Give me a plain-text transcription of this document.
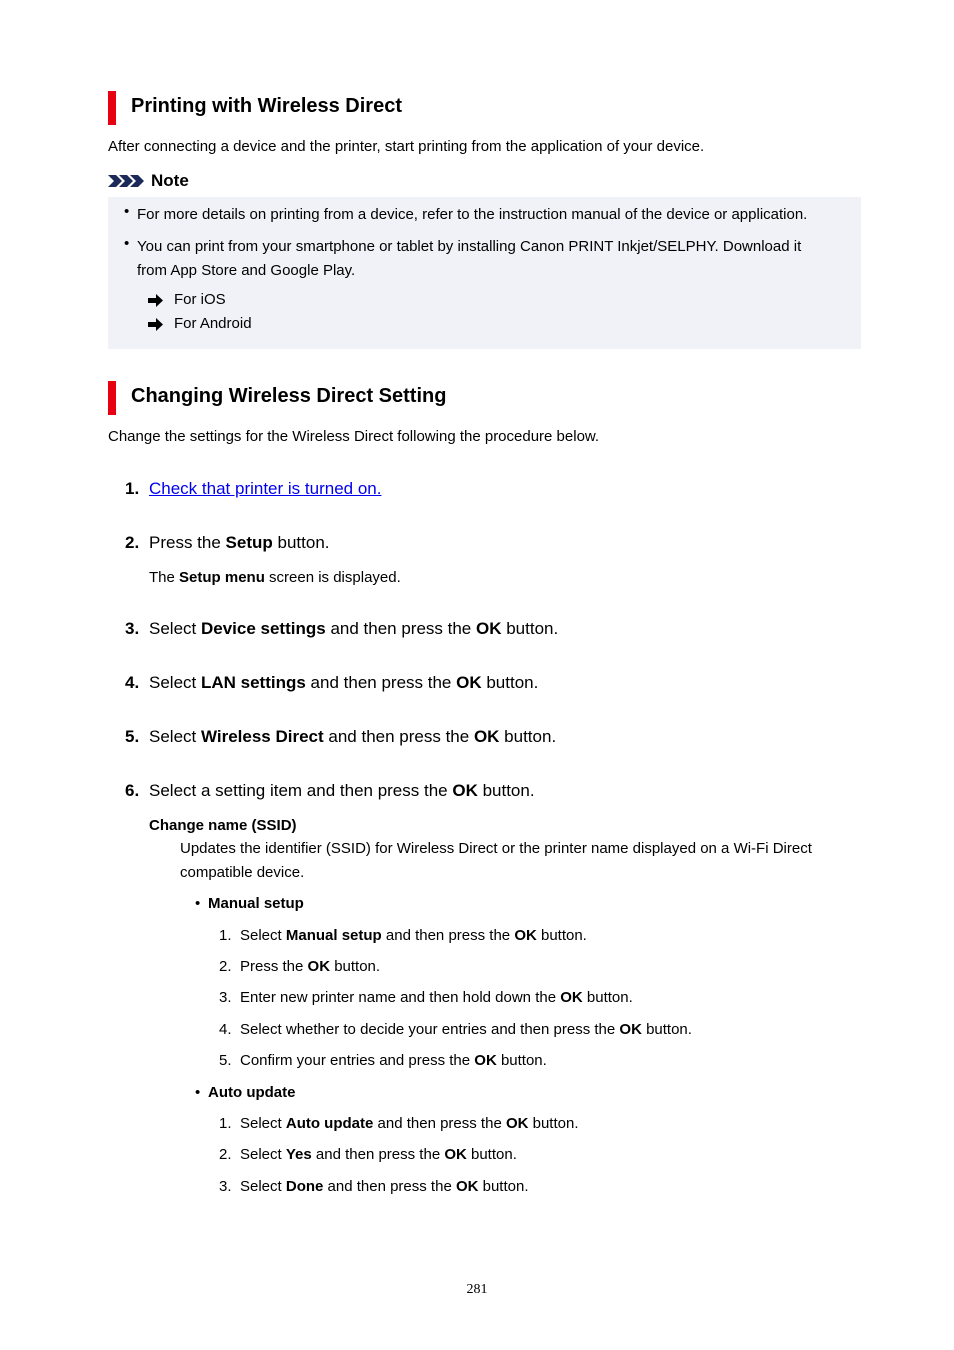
Printing with Wireless Direct
After connecting a device and the printer, start printing from the application of your device.
Note
• For more details on printing from a device, refer to the instruction manual of the device or application.
• You can print from your smartphone or tablet by installing Canon PRINT Inkjet/SELPHY. Download it
from App Store and Google Play.
For iOS
For Android
Changing Wireless Direct Setting
Change the settings for the Wireless Direct following the procedure below.
1. Check that printer is turned on.
2. Press the Setup button.
The Setup menu screen is displayed.
3. Select Device settings and then press the OK button.
4. Select LAN settings and then press the OK button.
5. Select Wireless Direct and then press the OK button.
6. Select a setting item and then press the OK button.
Change name (SSID)
Updates the identifier (SSID) for Wireless Direct or the printer name displayed on a Wi-Fi Direct
compatible device.
• Manual setup
1. Select Manual setup and then press the OK button.
2. Press the OK button.
3. Enter new printer name and then hold down the OK button.
4. Select whether to decide your entries and then press the OK button.
5. Confirm your entries and press the OK button.
• Auto update
1. Select Auto update and then press the OK button.
2. Select Yes and then press the OK button.
3. Select Done and then press the OK button.
281
